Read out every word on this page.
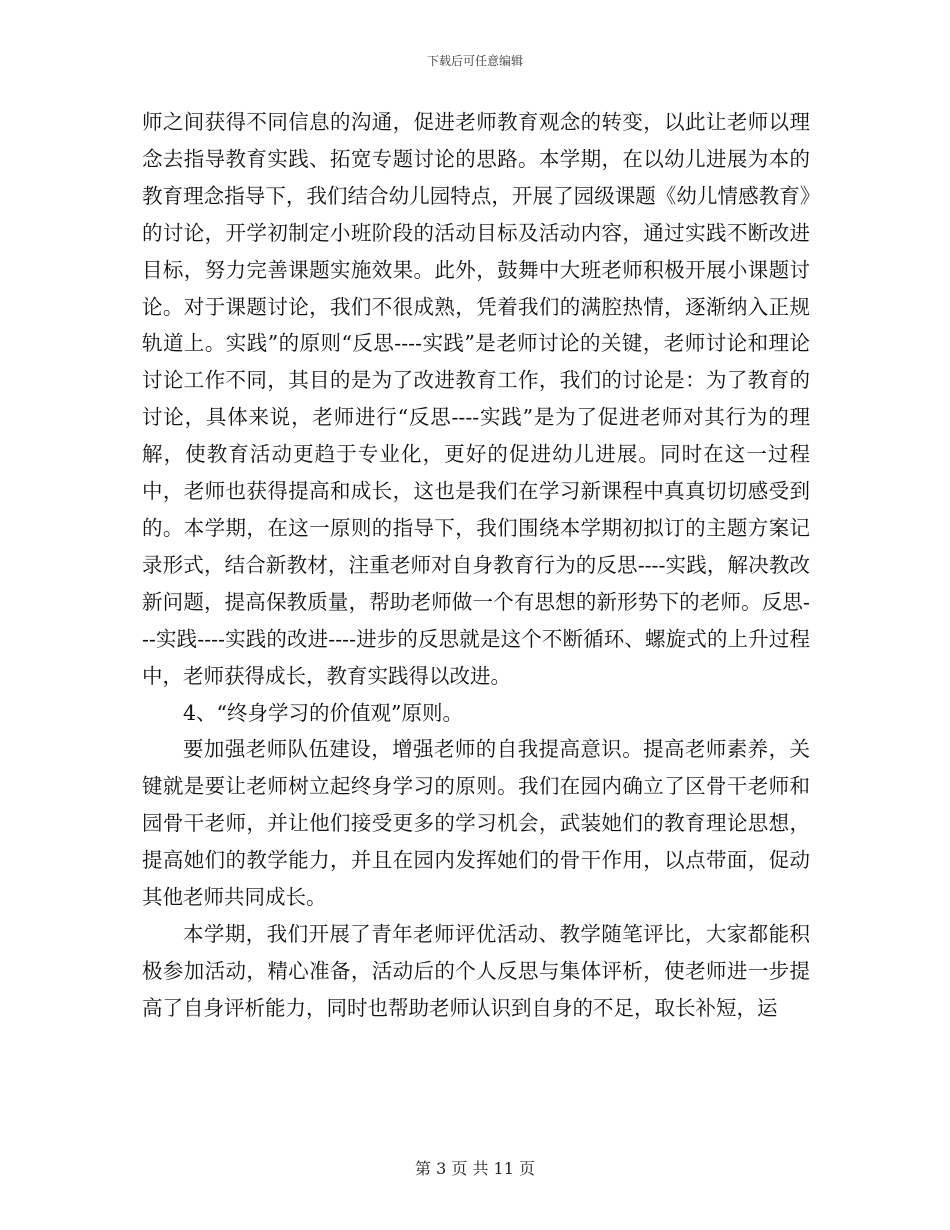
下载后可任意编辑

师之间获得不同信息的沟通，促进老师教育观念的转变，以此让老师以理念去指导教育实践、拓宽专题讨论的思路。本学期，在以幼儿进展为本的教育理念指导下，我们结合幼儿园特点，开展了园级课题《幼儿情感教育》的讨论，开学初制定小班阶段的活动目标及活动内容，通过实践不断改进目标，努力完善课题实施效果。此外，鼓舞中大班老师积极开展小课题讨论。对于课题讨论，我们不很成熟，凭着我们的满腔热情，逐渐纳入正规轨道上。实践”的原则“反思----实践”是老师讨论的关键，老师讨论和理论讨论工作不同，其目的是为了改进教育工作，我们的讨论是：为了教育的讨论，具体来说，老师进行“反思----实践”是为了促进老师对其行为的理解，使教育活动更趋于专业化，更好的促进幼儿进展。同时在这一过程中，老师也获得提高和成长，这也是我们在学习新课程中真真切切感受到的。本学期，在这一原则的指导下，我们围绕本学期初拟订的主题方案记录形式，结合新教材，注重老师对自身教育行为的反思----实践，解决教改新问题，提高保教质量，帮助老师做一个有思想的新形势下的老师。反思---实践----实践的改进----进步的反思就是这个不断循环、螺旋式的上升过程中，老师获得成长，教育实践得以改进。

4、“终身学习的价值观”原则。

要加强老师队伍建设，增强老师的自我提高意识。提高老师素养，关键就是要让老师树立起终身学习的原则。我们在园内确立了区骨干老师和园骨干老师，并让他们接受更多的学习机会，武装她们的教育理论思想，提高她们的教学能力，并且在园内发挥她们的骨干作用，以点带面，促动其他老师共同成长。

本学期，我们开展了青年老师评优活动、教学随笔评比，大家都能积极参加活动，精心准备，活动后的个人反思与集体评析，使老师进一步提高了自身评析能力，同时也帮助老师认识到自身的不足，取长补短，运

第 3 页 共 11 页
